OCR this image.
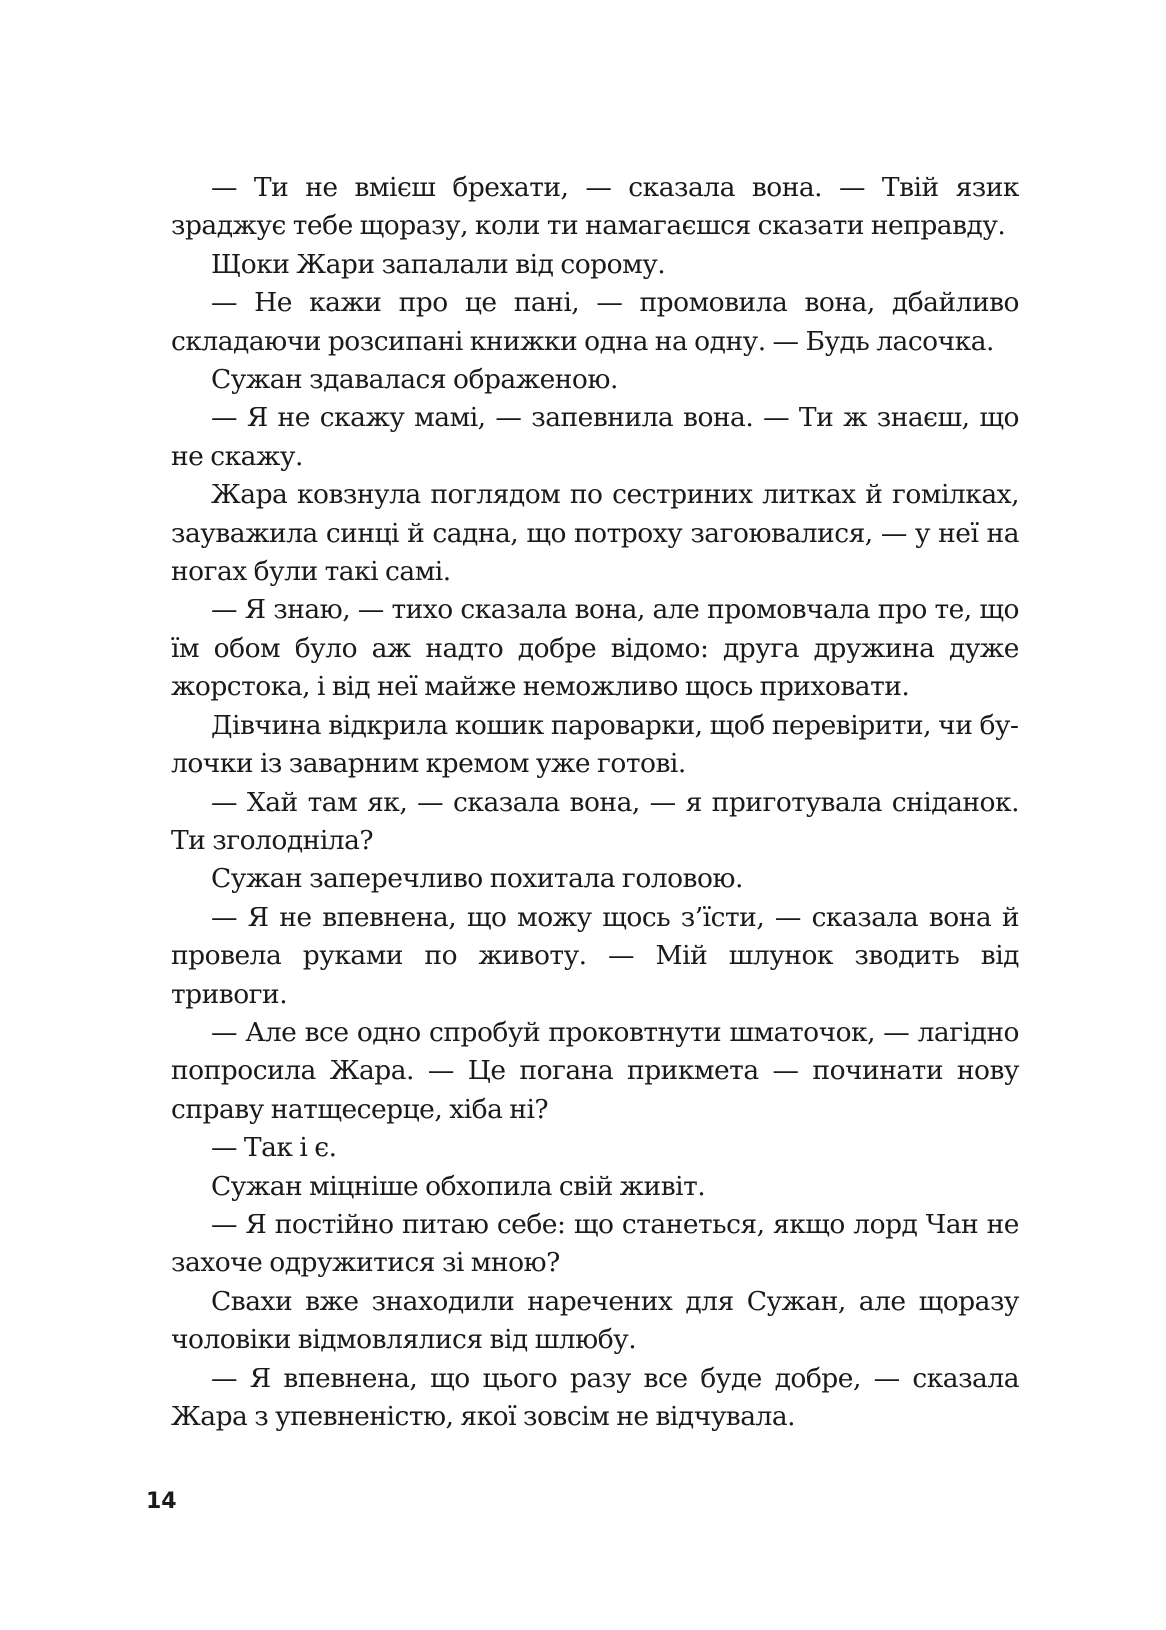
— Ти не вмієш брехати, — сказала вона. — Твій язик зраджує тебе щоразу, коли ти намагаєшся сказати неправду.

Щоки Жари запалали від сорому.

— Не кажи про це пані, — промовила вона, дбайливо складаючи розсипані книжки одна на одну. — Будь ласочка.

Сужан здавалася ображеною.

— Я не скажу мамі, — запевнила вона. — Ти ж знаєш, що не скажу.

Жара ковзнула поглядом по сестриних литках й гомілках, зауважила синці й садна, що потроху загоювалися, — у неї на ногах були такі самі.

— Я знаю, — тихо сказала вона, але промовчала про те, що їм обом було аж надто добре відомо: друга дружина дуже жорстока, і від неї майже неможливо щось приховати.

Дівчина відкрила кошик пароварки, щоб перевірити, чи булочки із заварним кремом уже готові.

— Хай там як, — сказала вона, — я приготувала сніданок. Ти зголодніла?

Сужан заперечливо похитала головою.

— Я не впевнена, що можу щось з’їсти, — сказала вона й провела руками по животу. — Мій шлунок зводить від тривоги.

— Але все одно спробуй проковтнути шматочок, — лагідно попросила Жара. — Це погана прикмета — починати нову справу натщесерце, хіба ні?

— Так і є.

Сужан міцніше обхопила свій живіт.

— Я постійно питаю себе: що станеться, якщо лорд Чан не захоче одружитися зі мною?

Свахи вже знаходили наречених для Сужан, але щоразу чоловіки відмовлялися від шлюбу.

— Я впевнена, що цього разу все буде добре, — сказала Жара з упевненістю, якої зовсім не відчувала.

14
